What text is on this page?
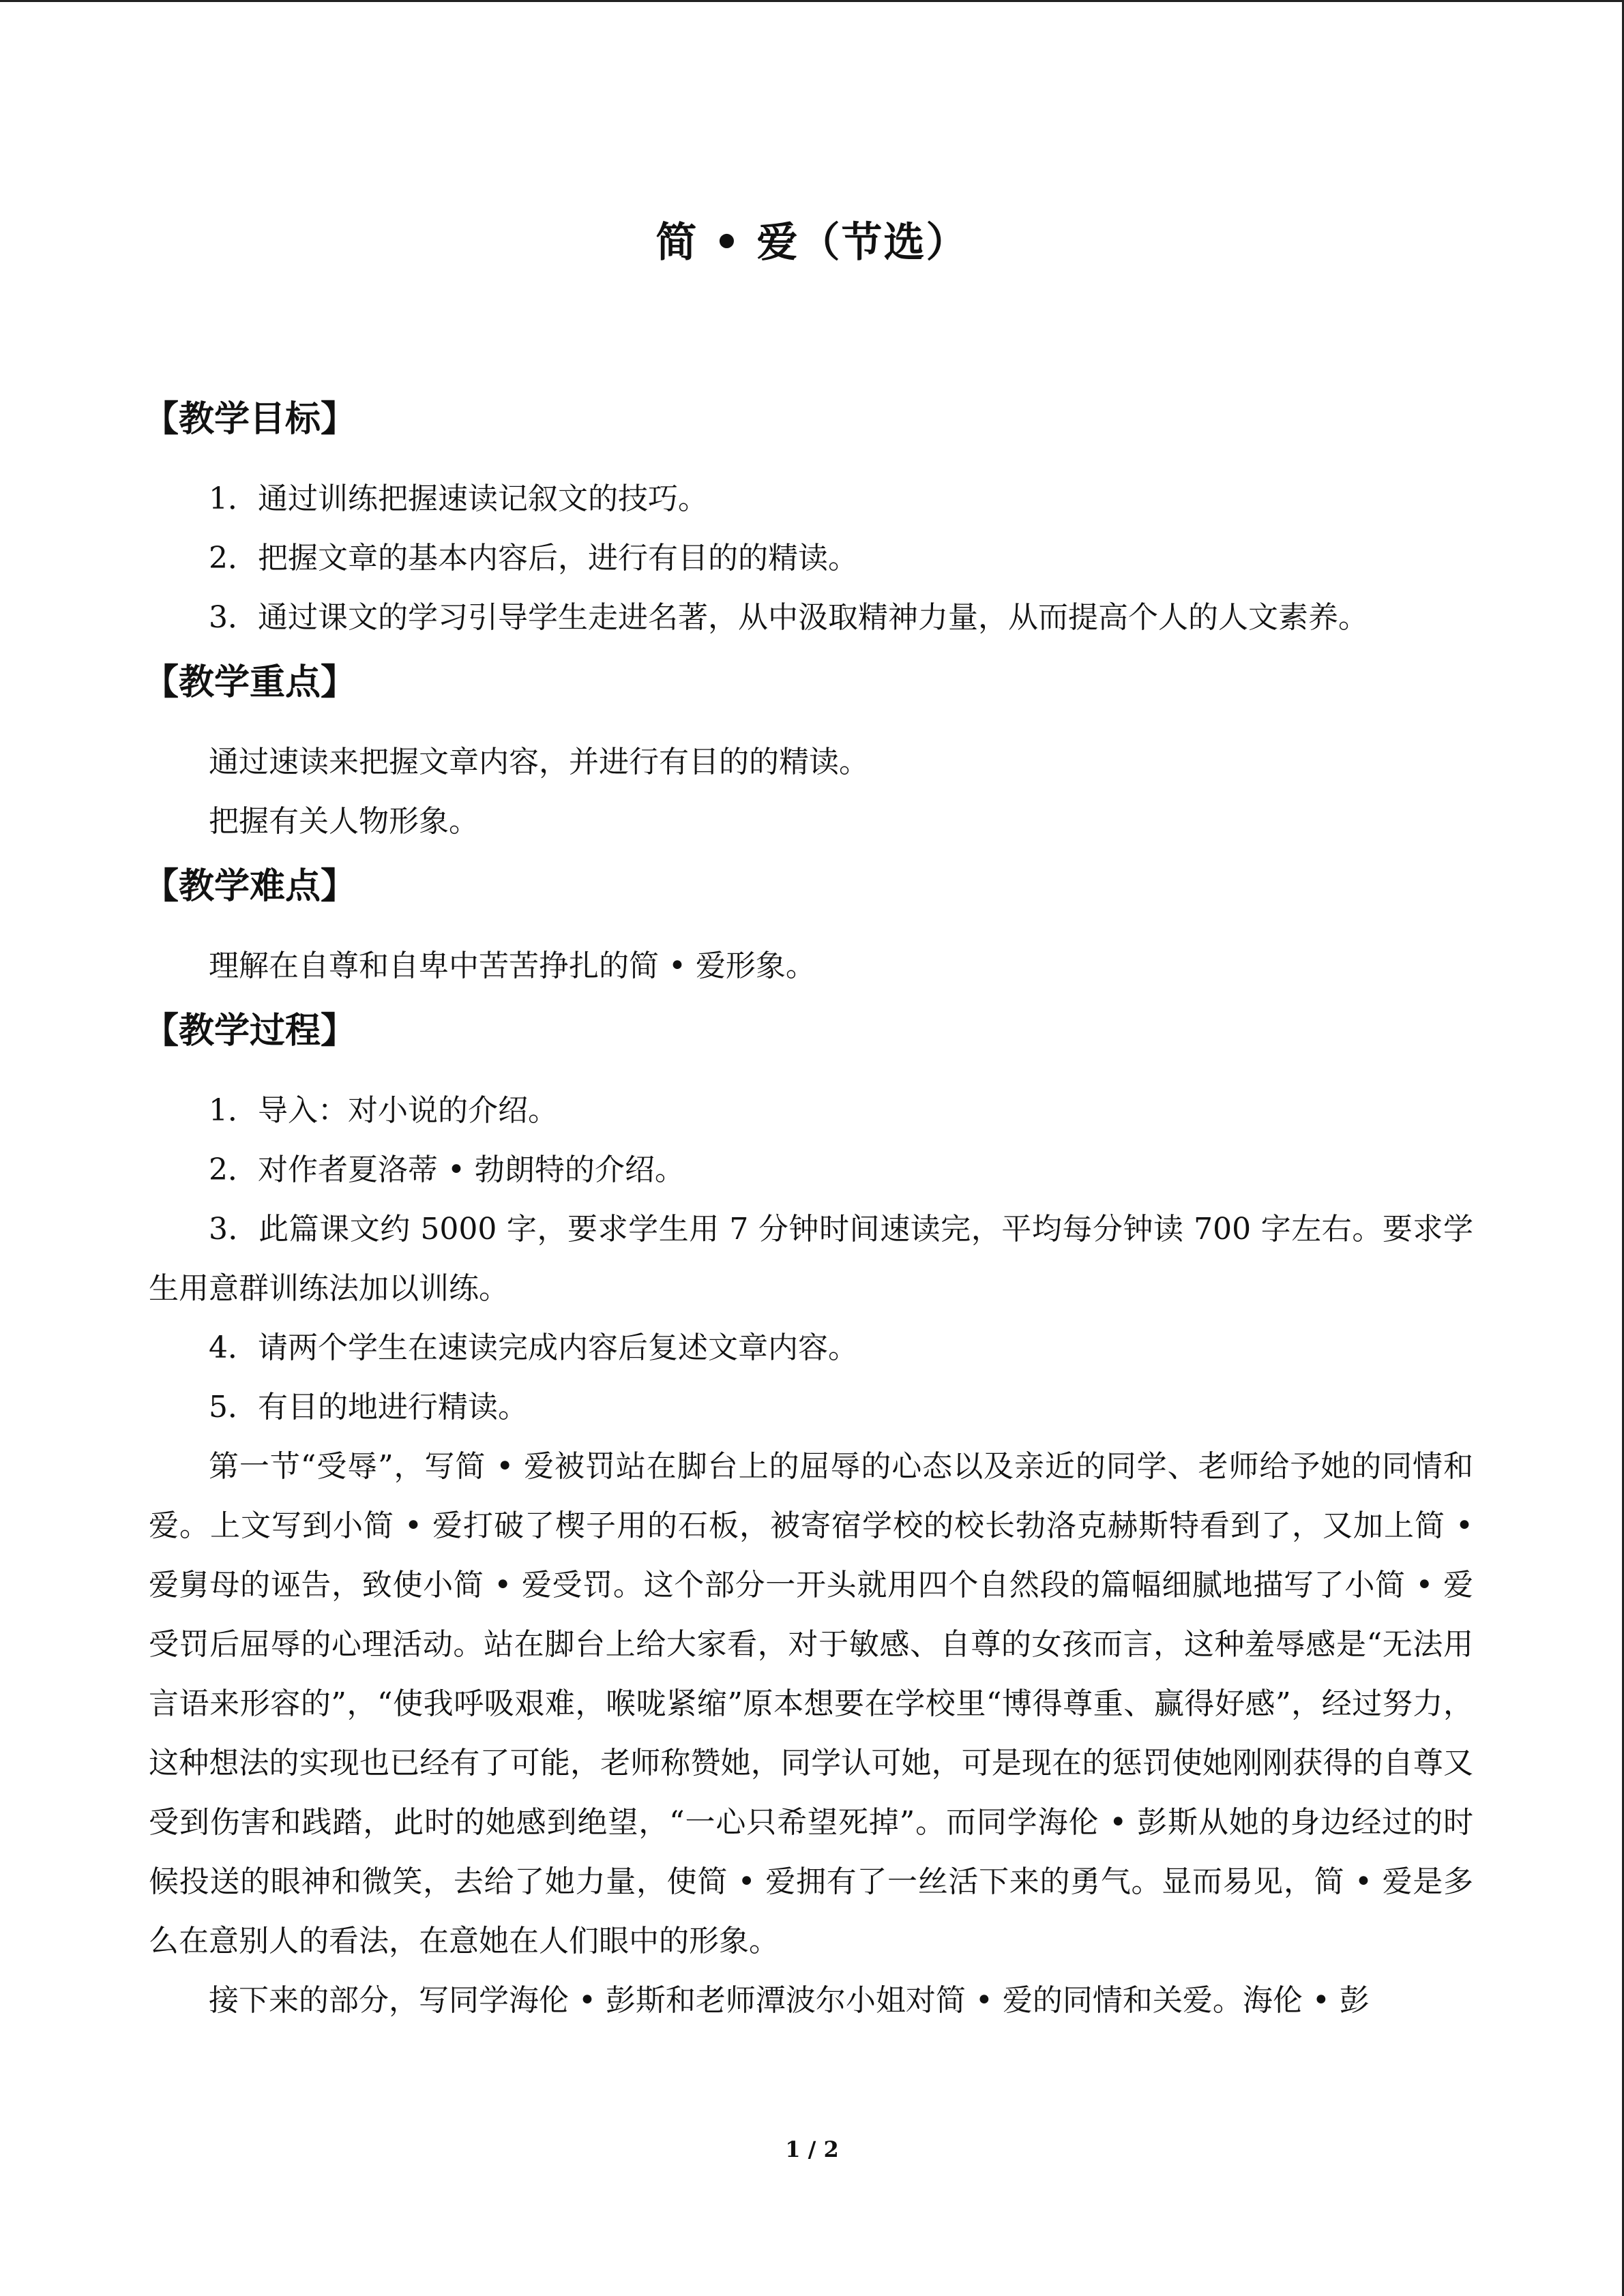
简 • 爱（节选）
【教学目标】

1．通过训练把握速读记叙文的技巧。

2．把握文章的基本内容后，进行有目的的精读。

3．通过课文的学习引导学生走进名著，从中汲取精神力量，从而提高个人的人文素养。

【教学重点】

通过速读来把握文章内容，并进行有目的的精读。

把握有关人物形象。

【教学难点】

理解在自尊和自卑中苦苦挣扎的简 • 爱形象。

【教学过程】

1．导入：对小说的介绍。

2．对作者夏洛蒂 • 勃朗特的介绍。

3．此篇课文约 5000 字，要求学生用 7 分钟时间速读完，平均每分钟读 700 字左右。要求学生用意群训练法加以训练。

4．请两个学生在速读完成内容后复述文章内容。

5．有目的地进行精读。

第一节“受辱”，写简 • 爱被罚站在脚台上的屈辱的心态以及亲近的同学、老师给予她的同情和爱。上文写到小简 • 爱打破了楔子用的石板，被寄宿学校的校长勃洛克赫斯特看到了，又加上简 • 爱舅母的诬告，致使小简 • 爱受罚。这个部分一开头就用四个自然段的篇幅细腻地描写了小简 • 爱受罚后屈辱的心理活动。站在脚台上给大家看，对于敏感、自尊的女孩而言，这种羞辱感是“无法用言语来形容的”，“使我呼吸艰难，喉咙紧缩”原本想要在学校里“博得尊重、赢得好感”，经过努力，这种想法的实现也已经有了可能，老师称赞她，同学认可她，可是现在的惩罚使她刚刚获得的自尊又受到伤害和践踏，此时的她感到绝望，“一心只希望死掉”。而同学海伦 • 彭斯从她的身边经过的时候投送的眼神和微笑，去给了她力量，使简 • 爱拥有了一丝活下来的勇气。显而易见，简 • 爱是多么在意别人的看法，在意她在人们眼中的形象。

接下来的部分，写同学海伦 • 彭斯和老师潭波尔小姐对简 • 爱的同情和关爱。海伦 • 彭

1 / 2
